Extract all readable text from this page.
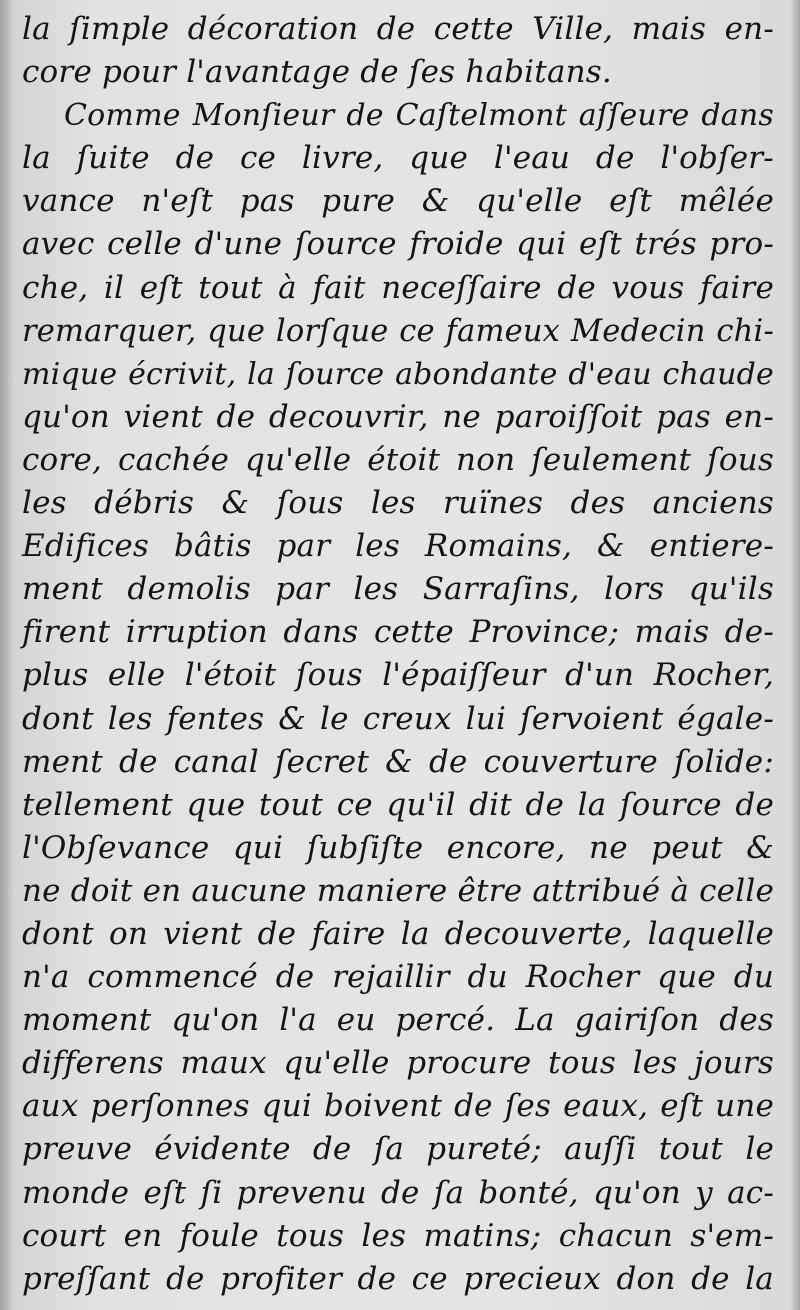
la ſimple décoration de cette Ville, mais en-
core pour l'avantage de ſes habitans.
Comme Monſieur de Caſtelmont aſſeure dans
la ſuite de ce livre, que l'eau de l'obſer-
vance n'eſt pas pure & qu'elle eſt mêlée
avec celle d'une ſource froide qui eſt trés pro-
che, il eſt tout à fait neceſſaire de vous faire
remarquer, que lorſque ce fameux Medecin chi-
mique écrivit, la ſource abondante d'eau chaude
qu'on vient de decouvrir, ne paroiſſoit pas en-
core, cachée qu'elle étoit non ſeulement ſous
les débris & ſous les ruïnes des anciens
Edifices bâtis par les Romains, & entiere-
ment demolis par les Sarraſins, lors qu'ils
firent irruption dans cette Province; mais de-
plus elle l'étoit ſous l'épaiſſeur d'un Rocher,
dont les fentes & le creux lui ſervoient égale-
ment de canal ſecret & de couverture ſolide:
tellement que tout ce qu'il dit de la ſource de
l'Obſevance qui ſubſiſte encore, ne peut &
ne doit en aucune maniere être attribué à celle
dont on vient de faire la decouverte, laquelle
n'a commencé de rejaillir du Rocher que du
moment qu'on l'a eu percé. La gairiſon des
differens maux qu'elle procure tous les jours
aux perſonnes qui boivent de ſes eaux, eſt une
preuve évidente de ſa pureté; auſſi tout le
monde eſt ſi prevenu de ſa bonté, qu'on y ac-
court en foule tous les matins; chacun s'em-
preſſant de profiter de ce precieux don de la
